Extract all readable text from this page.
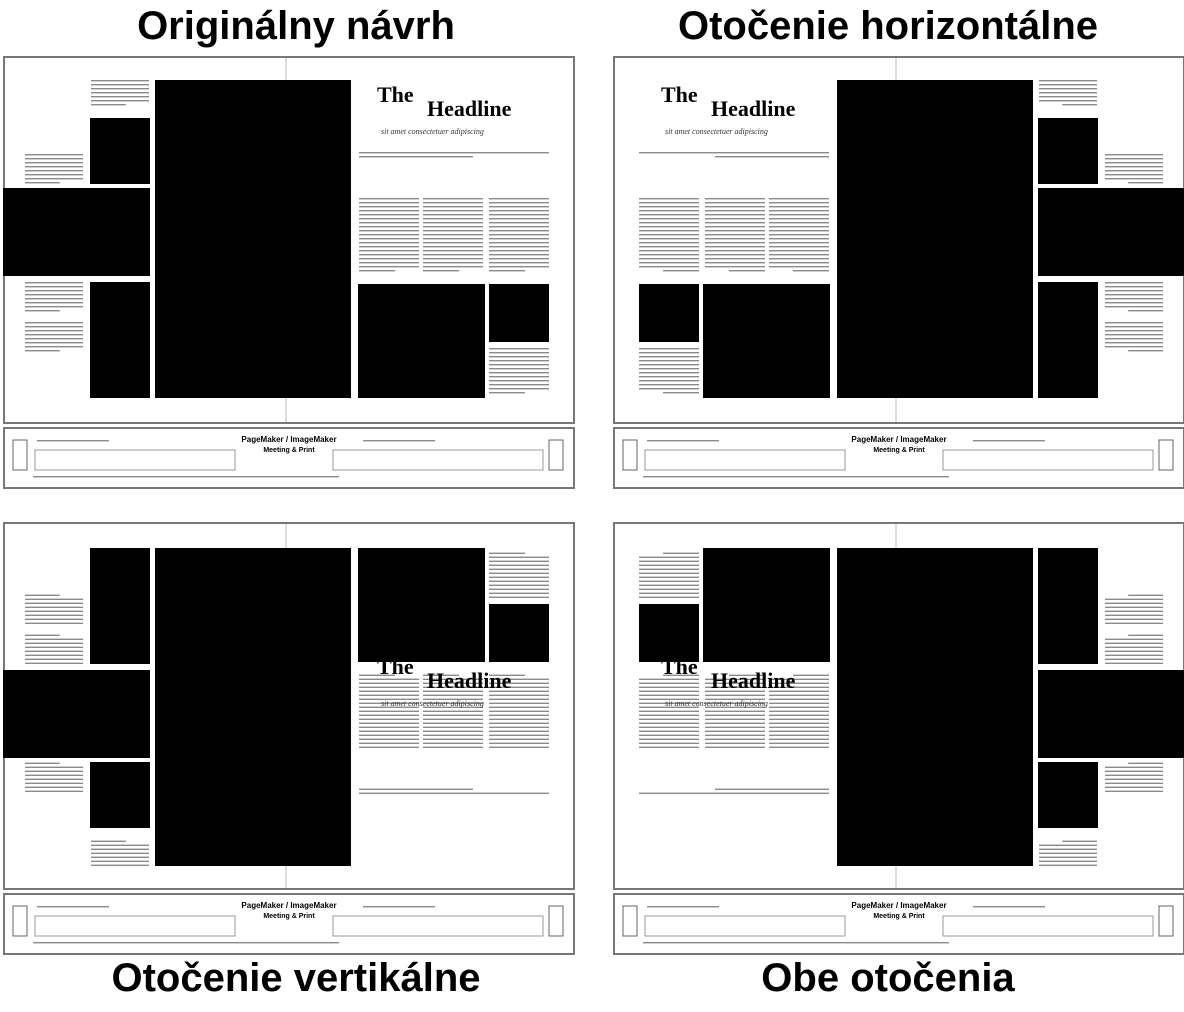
Originálny návrh	Otočenie horizontálne
Otočenie vertikálne	Obe otočenia
The
Headline
sit amet consectetuer adipiscing
PageMaker / ImageMaker
Meeting & Print
The
Headline
sit amet consectetuer adipiscing
PageMaker / ImageMaker
Meeting & Print
The
Headline
sit amet consectetuer adipiscing
PageMaker / ImageMaker
Meeting & Print
The
Headline
sit amet consectetuer adipiscing
PageMaker / ImageMaker
Meeting & Print
